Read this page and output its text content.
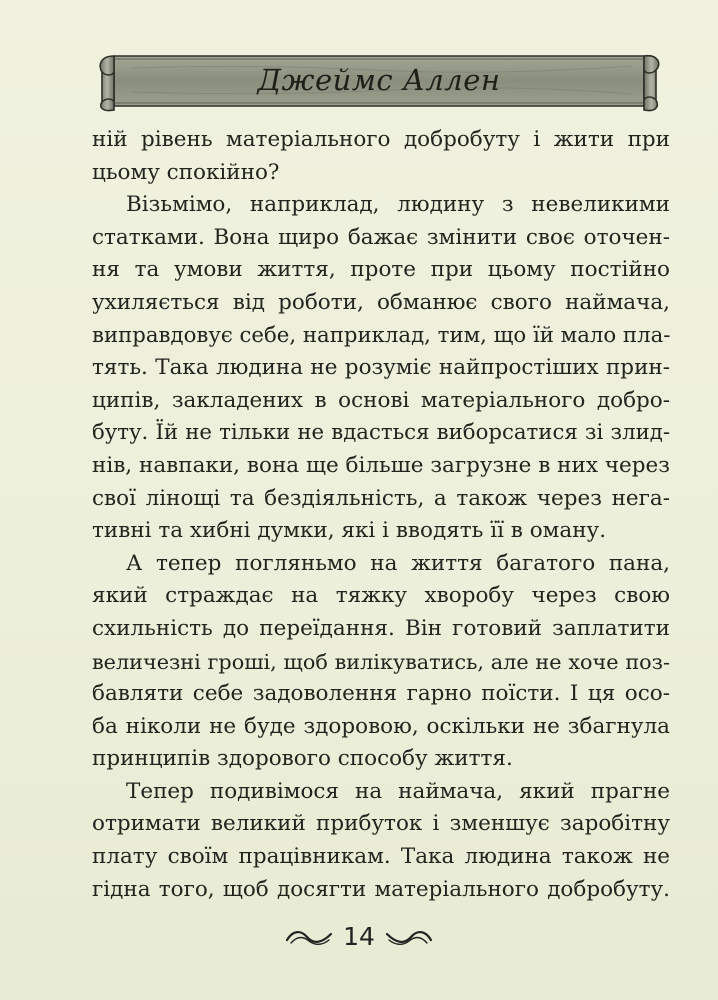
Джеймс Аллен

ній рівень матеріального добробуту і жити при
цьому спокійно?

Візьмімо, наприклад, людину з невеликими
статками. Вона щиро бажає змінити своє оточен-
ня та умови життя, проте при цьому постійно
ухиляється від роботи, обманює свого наймача,
виправдовує себе, наприклад, тим, що їй мало пла-
тять. Така людина не розуміє найпростіших прин-
ципів, закладених в основі матеріального добро-
буту. Їй не тільки не вдасться виборсатися зі злид-
нів, навпаки, вона ще більше загрузне в них через
свої лінощі та бездіяльність, а також через нега-
тивні та хибні думки, які і вводять її в оману.

А тепер погляньмо на життя багатого пана,
який страждає на тяжку хворобу через свою
схильність до переїдання. Він готовий заплатити
величезні гроші, щоб вилікуватись, але не хоче поз-
бавляти себе задоволення гарно поїсти. І ця осо-
ба ніколи не буде здоровою, оскільки не збагнула
принципів здорового способу життя.

Тепер подивімося на наймача, який прагне
отримати великий прибуток і зменшує заробітну
плату своїм працівникам. Така людина також не
гідна того, щоб досягти матеріального добробуту.

14
